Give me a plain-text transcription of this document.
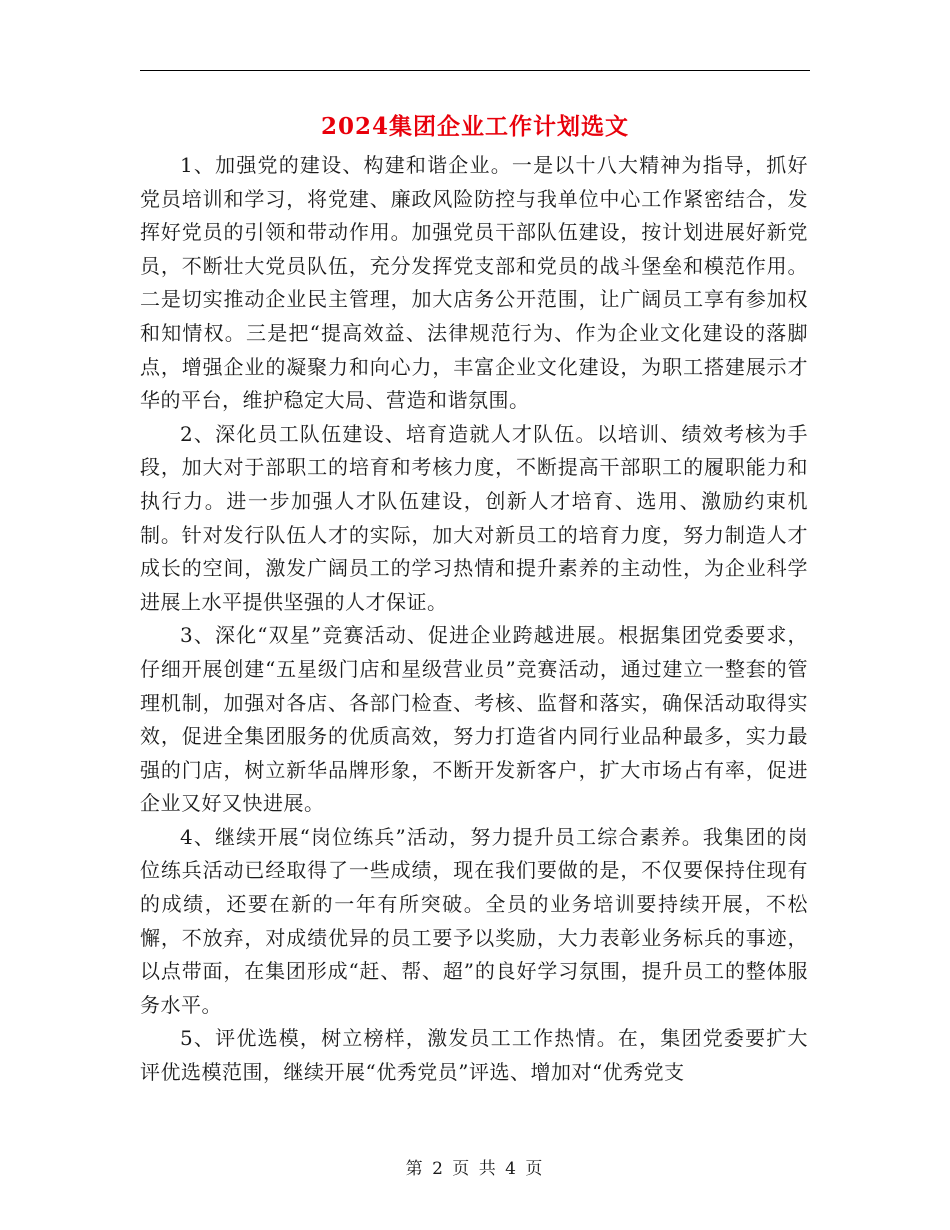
2024集团企业工作计划选文

1、加强党的建设、构建和谐企业。一是以十八大精神为指导，抓好党员培训和学习，将党建、廉政风险防控与我单位中心工作紧密结合，发挥好党员的引领和带动作用。加强党员干部队伍建设，按计划进展好新党员，不断壮大党员队伍，充分发挥党支部和党员的战斗堡垒和模范作用。二是切实推动企业民主管理，加大店务公开范围，让广阔员工享有参加权和知情权。三是把“提高效益、法律规范行为、作为企业文化建设的落脚点，增强企业的凝聚力和向心力，丰富企业文化建设，为职工搭建展示才华的平台，维护稳定大局、营造和谐氛围。

2、深化员工队伍建设、培育造就人才队伍。以培训、绩效考核为手段，加大对于部职工的培育和考核力度，不断提高干部职工的履职能力和执行力。进一步加强人才队伍建设，创新人才培育、选用、激励约束机制。针对发行队伍人才的实际，加大对新员工的培育力度，努力制造人才成长的空间，激发广阔员工的学习热情和提升素养的主动性，为企业科学进展上水平提供坚强的人才保证。

3、深化“双星”竞赛活动、促进企业跨越进展。根据集团党委要求，仔细开展创建“五星级门店和星级营业员”竞赛活动，通过建立一整套的管理机制，加强对各店、各部门检查、考核、监督和落实，确保活动取得实效，促进全集团服务的优质高效，努力打造省内同行业品种最多，实力最强的门店，树立新华品牌形象，不断开发新客户，扩大市场占有率，促进企业又好又快进展。

4、继续开展“岗位练兵”活动，努力提升员工综合素养。我集团的岗位练兵活动已经取得了一些成绩，现在我们要做的是，不仅要保持住现有的成绩，还要在新的一年有所突破。全员的业务培训要持续开展，不松懈，不放弃，对成绩优异的员工要予以奖励，大力表彰业务标兵的事迹，以点带面，在集团形成“赶、帮、超”的良好学习氛围，提升员工的整体服务水平。

5、评优选模，树立榜样，激发员工工作热情。在，集团党委要扩大评优选模范围，继续开展“优秀党员”评选、增加对“优秀党支

第 2 页 共 4 页
